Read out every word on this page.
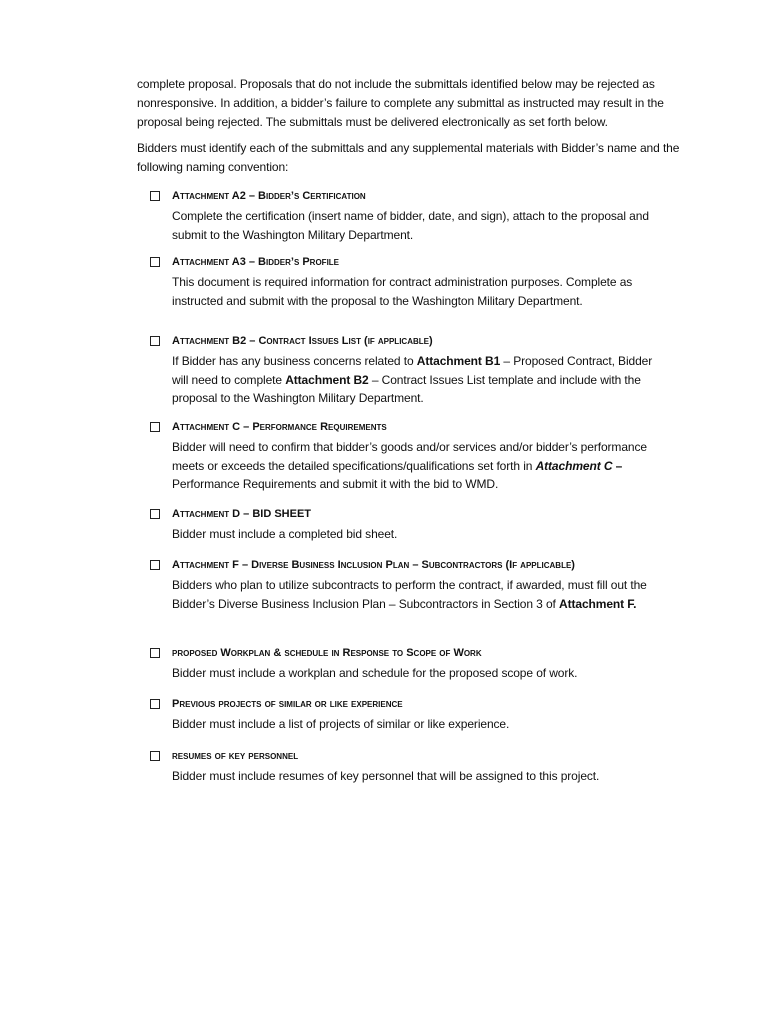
complete proposal. Proposals that do not include the submittals identified below may be rejected as nonresponsive. In addition, a bidder’s failure to complete any submittal as instructed may result in the proposal being rejected. The submittals must be delivered electronically as set forth below.

Bidders must identify each of the submittals and any supplemental materials with Bidder’s name and the following naming convention:

Attachment A2 – Bidder’s Certification
Complete the certification (insert name of bidder, date, and sign), attach to the proposal and submit to the Washington Military Department.
Attachment A3 – Bidder’s Profile
This document is required information for contract administration purposes. Complete as instructed and submit with the proposal to the Washington Military Department.
Attachment B2 – Contract Issues List (if applicable)
If Bidder has any business concerns related to Attachment B1 – Proposed Contract, Bidder will need to complete Attachment B2 – Contract Issues List template and include with the proposal to the Washington Military Department.
Attachment C – Performance Requirements
Bidder will need to confirm that bidder’s goods and/or services and/or bidder’s performance meets or exceeds the detailed specifications/qualifications set forth in Attachment C – Performance Requirements and submit it with the bid to WMD.
Attachment D – BID SHEET
Bidder must include a completed bid sheet.
Attachment F – Diverse Business Inclusion Plan – Subcontractors (If applicable)
Bidders who plan to utilize subcontracts to perform the contract, if awarded, must fill out the Bidder’s Diverse Business Inclusion Plan – Subcontractors in Section 3 of Attachment F.
proposed Workplan & schedule in Response to Scope of Work
Bidder must include a workplan and schedule for the proposed scope of work.
Previous projects of similar or like experience
Bidder must include a list of projects of similar or like experience.
resumes of key personnel
Bidder must include resumes of key personnel that will be assigned to this project.
